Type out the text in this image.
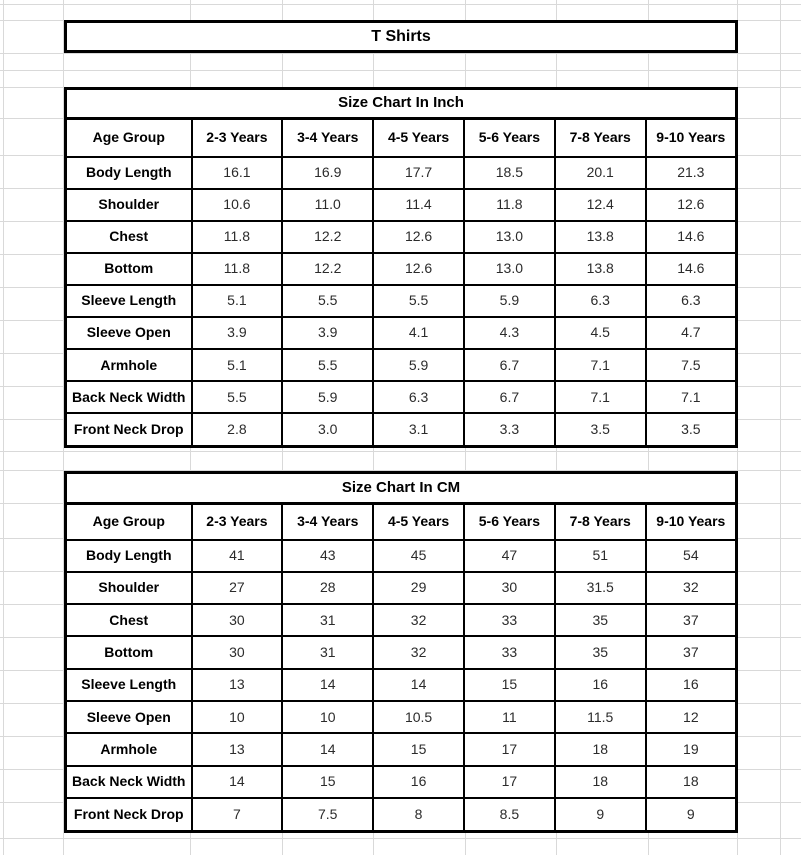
T Shirts
Size Chart In Inch						
Age Group	2-3 Years	3-4 Years	4-5 Years	5-6 Years	7-8 Years	9-10 Years
Body Length	16.1	16.9	17.7	18.5	20.1	21.3
Shoulder	10.6	11.0	11.4	11.8	12.4	12.6
Chest	11.8	12.2	12.6	13.0	13.8	14.6
Bottom	11.8	12.2	12.6	13.0	13.8	14.6
Sleeve Length	5.1	5.5	5.5	5.9	6.3	6.3
Sleeve Open	3.9	3.9	4.1	4.3	4.5	4.7
Armhole	5.1	5.5	5.9	6.7	7.1	7.5
Back Neck Width	5.5	5.9	6.3	6.7	7.1	7.1
Front Neck Drop	2.8	3.0	3.1	3.3	3.5	3.5
Size Chart In CM						
Age Group	2-3 Years	3-4 Years	4-5 Years	5-6 Years	7-8 Years	9-10 Years
Body Length	41	43	45	47	51	54
Shoulder	27	28	29	30	31.5	32
Chest	30	31	32	33	35	37
Bottom	30	31	32	33	35	37
Sleeve Length	13	14	14	15	16	16
Sleeve Open	10	10	10.5	11	11.5	12
Armhole	13	14	15	17	18	19
Back Neck Width	14	15	16	17	18	18
Front Neck Drop	7	7.5	8	8.5	9	9
